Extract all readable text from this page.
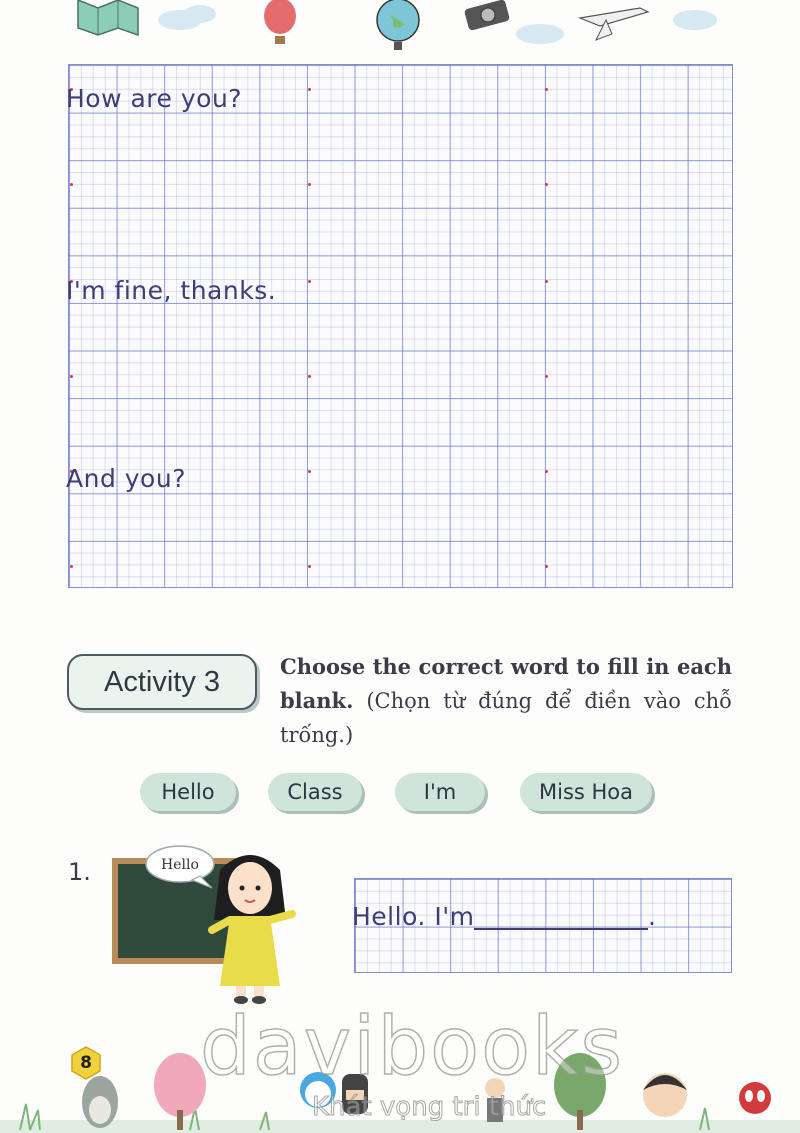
How are you?
I'm fine, thanks.
And you?
Activity 3	Choose the correct word to fill in each blank. (Chọn từ đúng để điền vào chỗ trống.)
Hello	Class	I'm	Miss Hoa
1.	Hello
Hello. I'm	.
8 davibooks
Khát vọng tri thức
